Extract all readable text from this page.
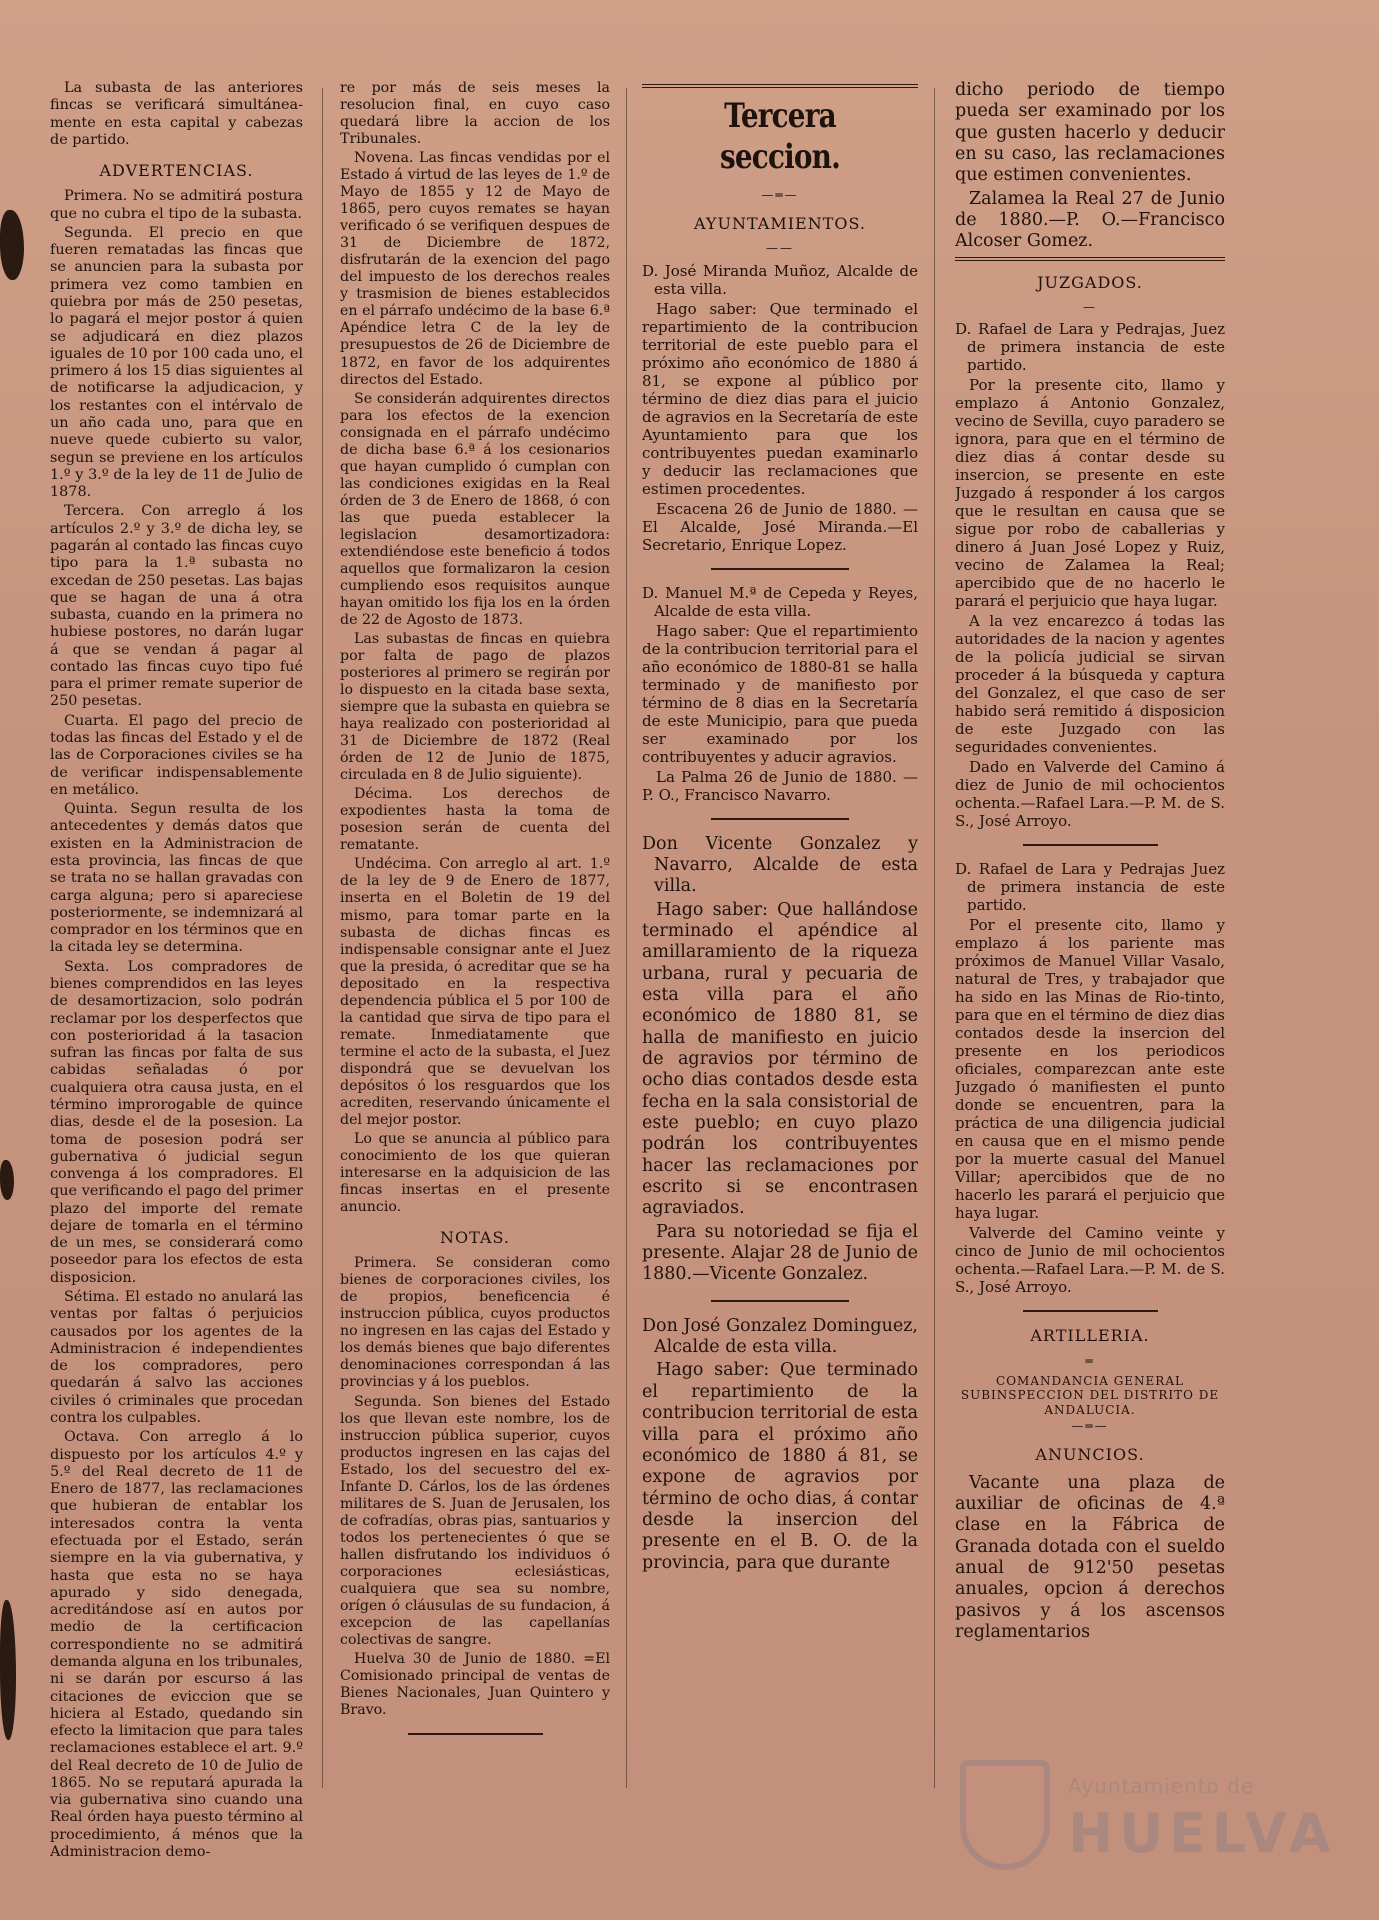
La subasta de las anteriores fincas se verificará simultánea-mente en esta capital y cabezas de partido.

ADVERTENCIAS.

Primera. No se admitirá postura que no cubra el tipo de la subasta.

Segunda. El precio en que fueren rematadas las fincas que se anuncien para la subasta por primera vez como tambien en quiebra por más de 250 pesetas, lo pagará el mejor postor á quien se adjudicará en diez plazos iguales de 10 por 100 cada uno, el primero á los 15 dias siguientes al de notificarse la adjudicacion, y los restantes con el intérvalo de un año cada uno, para que en nueve quede cubierto su valor, segun se previene en los artículos 1.º y 3.º de la ley de 11 de Julio de 1878.

Tercera. Con arreglo á los artículos 2.º y 3.º de dicha ley, se pagarán al contado las fincas cuyo tipo para la 1.ª subasta no excedan de 250 pesetas. Las bajas que se hagan de una á otra subasta, cuando en la primera no hubiese postores, no darán lugar á que se vendan á pagar al contado las fincas cuyo tipo fué para el primer remate superior de 250 pesetas.

Cuarta. El pago del precio de todas las fincas del Estado y el de las de Corporaciones civiles se ha de verificar indispensablemente en metálico.

Quinta. Segun resulta de los antecedentes y demás datos que existen en la Administracion de esta provincia, las fincas de que se trata no se hallan gravadas con carga alguna; pero si apareciese posteriormente, se indemnizará al comprador en los términos que en la citada ley se determina.

Sexta. Los compradores de bienes comprendidos en las leyes de desamortizacion, solo podrán reclamar por los desperfectos que con posterioridad á la tasacion sufran las fincas por falta de sus cabidas señaladas ó por cualquiera otra causa justa, en el término improrogable de quince dias, desde el de la posesion. La toma de posesion podrá ser gubernativa ó judicial segun convenga á los compradores. El que verificando el pago del primer plazo del importe del remate dejare de tomarla en el término de un mes, se considerará como poseedor para los efectos de esta disposicion.

Sétima. El estado no anulará las ventas por faltas ó perjuicios causados por los agentes de la Administracion é independientes de los compradores, pero quedarán á salvo las acciones civiles ó criminales que procedan contra los culpables.

Octava. Con arreglo á lo dispuesto por los artículos 4.º y 5.º del Real decreto de 11 de Enero de 1877, las reclamaciones que hubieran de entablar los interesados contra la venta efectuada por el Estado, serán siempre en la via gubernativa, y hasta que esta no se haya apurado y sido denegada, acreditándose así en autos por medio de la certificacion correspondiente no se admitirá demanda alguna en los tribunales, ni se darán por escurso á las citaciones de eviccion que se hiciera al Estado, quedando sin efecto la limitacion que para tales reclamaciones establece el art. 9.º del Real decreto de 10 de Julio de 1865. No se reputará apurada la via gubernativa sino cuando una Real órden haya puesto término al procedimiento, á ménos que la Administracion demo-

re por más de seis meses la resolucion final, en cuyo caso quedará libre la accion de los Tribunales.

Novena. Las fincas vendidas por el Estado á virtud de las leyes de 1.º de Mayo de 1855 y 12 de Mayo de 1865, pero cuyos remates se hayan verificado ó se verifiquen despues de 31 de Diciembre de 1872, disfrutarán de la exencion del pago del impuesto de los derechos reales y trasmision de bienes establecidos en el párrafo undécimo de la base 6.ª Apéndice letra C de la ley de presupuestos de 26 de Diciembre de 1872, en favor de los adquirentes directos del Estado.

Se considerán adquirentes directos para los efectos de la exencion consignada en el párrafo undécimo de dicha base 6.ª á los cesionarios que hayan cumplido ó cumplan con las condiciones exigidas en la Real órden de 3 de Enero de 1868, ó con las que pueda establecer la legislacion desamortizadora: extendiéndose este beneficio á todos aquellos que formalizaron la cesion cumpliendo esos requisitos aunque hayan omitido los fija los en la órden de 22 de Agosto de 1873.

Las subastas de fincas en quiebra por falta de pago de plazos posteriores al primero se regirán por lo dispuesto en la citada base sexta, siempre que la subasta en quiebra se haya realizado con posterioridad al 31 de Diciembre de 1872 (Real órden de 12 de Junio de 1875, circulada en 8 de Julio siguiente).

Décima. Los derechos de expodientes hasta la toma de posesion serán de cuenta del rematante.

Undécima. Con arreglo al art. 1.º de la ley de 9 de Enero de 1877, inserta en el Boletin de 19 del mismo, para tomar parte en la subasta de dichas fincas es indispensable consignar ante el Juez que la presida, ó acreditar que se ha depositado en la respectiva dependencia pública el 5 por 100 de la cantidad que sirva de tipo para el remate. Inmediatamente que termine el acto de la subasta, el Juez dispondrá que se devuelvan los depósitos ó los resguardos que los acrediten, reservando únicamente el del mejor postor.

Lo que se anuncia al público para conocimiento de los que quieran interesarse en la adquisicion de las fincas insertas en el presente anuncio.

NOTAS.

Primera. Se consideran como bienes de corporaciones civiles, los de propios, beneficencia é instruccion pública, cuyos productos no ingresen en las cajas del Estado y los demás bienes que bajo diferentes denominaciones correspondan á las provincias y á los pueblos.

Segunda. Son bienes del Estado los que llevan este nombre, los de instruccion pública superior, cuyos productos ingresen en las cajas del Estado, los del secuestro del ex-Infante D. Cárlos, los de las órdenes militares de S. Juan de Jerusalen, los de cofradías, obras pias, santuarios y todos los pertenecientes ó que se hallen disfrutando los individuos ó corporaciones eclesiásticas, cualquiera que sea su nombre, orígen ó cláusulas de su fundacion, á excepcion de las capellanías colectivas de sangre.

Huelva 30 de Junio de 1880. =El Comisionado principal de ventas de Bienes Nacionales, Juan Quintero y Bravo.

Tercera seccion.
—═—
AYUNTAMIENTOS.
——

D. José Miranda Muñoz, Alcalde de esta villa.

Hago saber: Que terminado el repartimiento de la contribucion territorial de este pueblo para el próximo año económico de 1880 á 81, se expone al público por término de diez dias para el juicio de agravios en la Secretaría de este Ayuntamiento para que los contribuyentes puedan examinarlo y deducir las reclamaciones que estimen procedentes.

Escacena 26 de Junio de 1880. —El Alcalde, José Miranda.—El Secretario, Enrique Lopez.

D. Manuel M.ª de Cepeda y Reyes, Alcalde de esta villa.

Hago saber: Que el repartimiento de la contribucion territorial para el año económico de 1880-81 se halla terminado y de manifiesto por término de 8 dias en la Secretaría de este Municipio, para que pueda ser examinado por los contribuyentes y aducir agravios.

La Palma 26 de Junio de 1880. —P. O., Francisco Navarro.

Don Vicente Gonzalez y Navarro, Alcalde de esta villa.

Hago saber: Que hallándose terminado el apéndice al amillaramiento de la riqueza urbana, rural y pecuaria de esta villa para el año económico de 1880 81, se halla de manifiesto en juicio de agravios por término de ocho dias contados desde esta fecha en la sala consistorial de este pueblo; en cuyo plazo podrán los contribuyentes hacer las reclamaciones por escrito si se encontrasen agraviados.

Para su notoriedad se fija el presente. Alajar 28 de Junio de 1880.—Vicente Gonzalez.

Don José Gonzalez Dominguez, Alcalde de esta villa.

Hago saber: Que terminado el repartimiento de la contribucion territorial de esta villa para el próximo año económico de 1880 á 81, se expone de agravios por término de ocho dias, á contar desde la insercion del presente en el B. O. de la provincia, para que durante

dicho periodo de tiempo pueda ser examinado por los que gusten hacerlo y deducir en su caso, las reclamaciones que estimen convenientes.

Zalamea la Real 27 de Junio de 1880.—P. O.—Francisco Alcoser Gomez.

JUZGADOS.
—

D. Rafael de Lara y Pedrajas, Juez de primera instancia de este partido.

Por la presente cito, llamo y emplazo á Antonio Gonzalez, vecino de Sevilla, cuyo paradero se ignora, para que en el término de diez dias á contar desde su insercion, se presente en este Juzgado á responder á los cargos que le resultan en causa que se sigue por robo de caballerias y dinero á Juan José Lopez y Ruiz, vecino de Zalamea la Real; apercibido que de no hacerlo le parará el perjuicio que haya lugar.

A la vez encarezco á todas las autoridades de la nacion y agentes de la policía judicial se sirvan proceder á la búsqueda y captura del Gonzalez, el que caso de ser habido será remitido á disposicion de este Juzgado con las seguridades convenientes.

Dado en Valverde del Camino á diez de Junio de mil ochocientos ochenta.—Rafael Lara.—P. M. de S. S., José Arroyo.

D. Rafael de Lara y Pedrajas Juez de primera instancia de este partido.

Por el presente cito, llamo y emplazo á los pariente mas próximos de Manuel Villar Vasalo, natural de Tres, y trabajador que ha sido en las Minas de Rio-tinto, para que en el término de diez dias contados desde la insercion del presente en los periodicos oficiales, comparezcan ante este Juzgado ó manifiesten el punto donde se encuentren, para la práctica de una diligencia judicial en causa que en el mismo pende por la muerte casual del Manuel Villar; apercibidos que de no hacerlo les parará el perjuicio que haya lugar.

Valverde del Camino veinte y cinco de Junio de mil ochocientos ochenta.—Rafael Lara.—P. M. de S. S., José Arroyo.

ARTILLERIA.
═

COMANDANCIA GENERAL SUBINSPECCION DEL DISTRITO DE ANDALUCIA.

—═—
ANUNCIOS.

Vacante una plaza de auxiliar de oficinas de 4.ª clase en la Fábrica de Granada dotada con el sueldo anual de 912'50 pesetas anuales, opcion á derechos pasivos y á los ascensos reglamentarios

Ayuntamiento de
HUELVA
